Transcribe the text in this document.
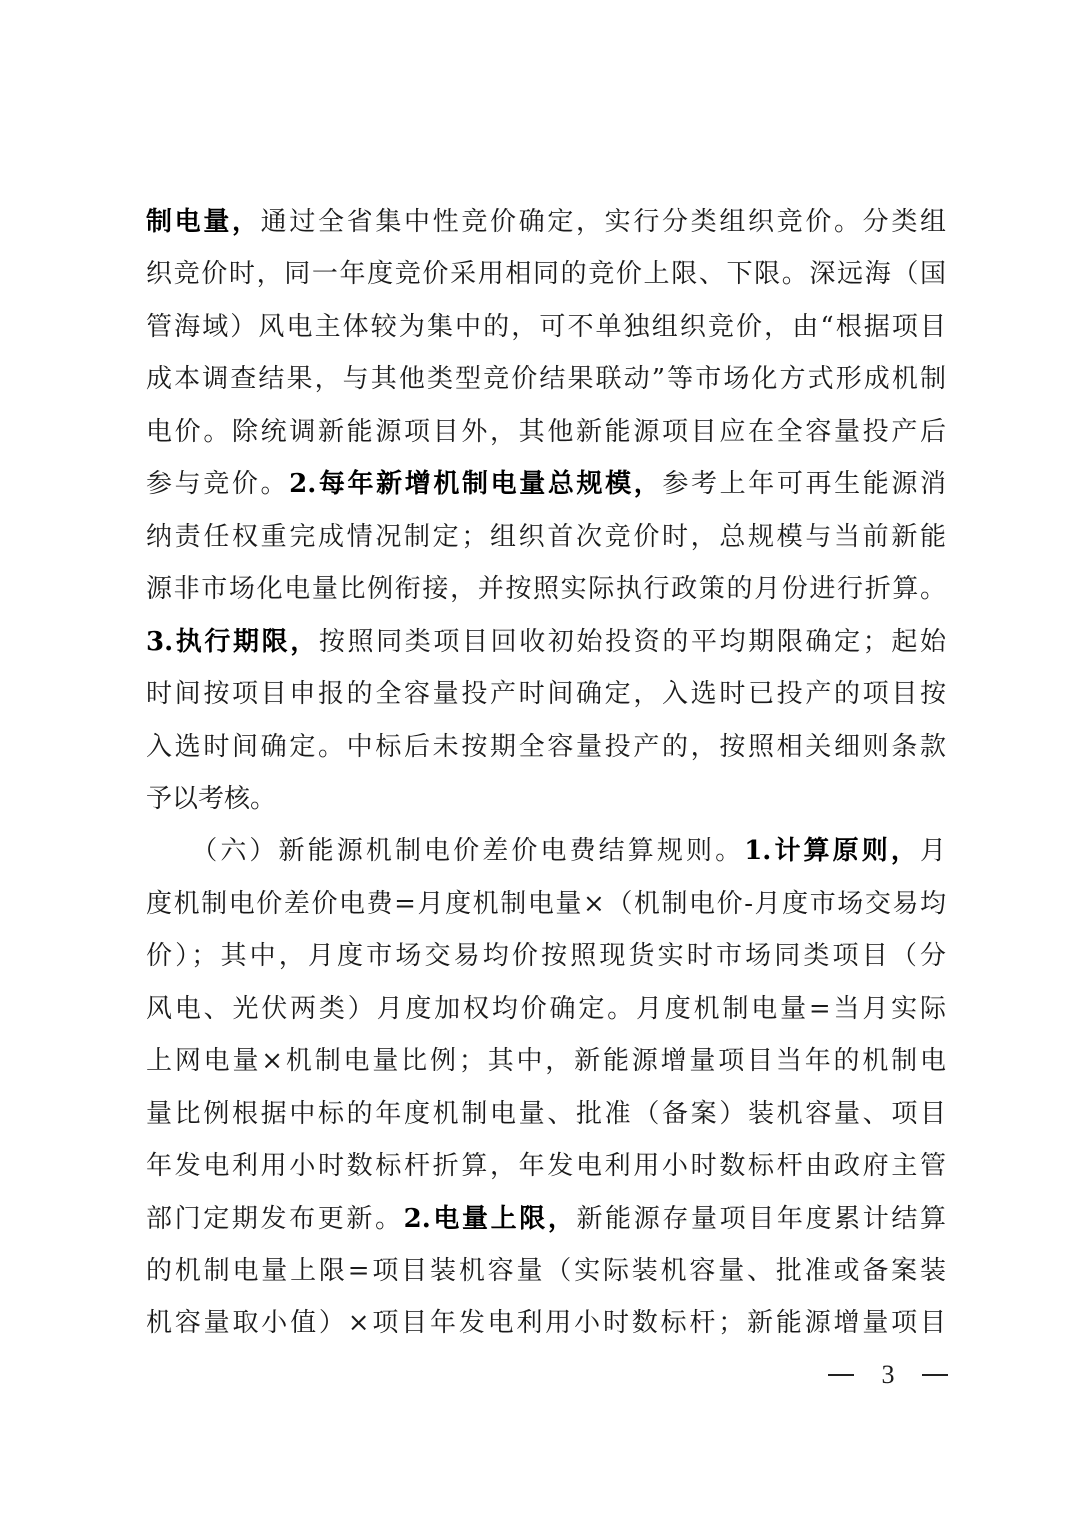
制电量，通过全省集中性竞价确定，实行分类组织竞价。分类组
织竞价时，同一年度竞价采用相同的竞价上限、下限。深远海（国
管海域）风电主体较为集中的，可不单独组织竞价，由“根据项目
成本调查结果，与其他类型竞价结果联动”等市场化方式形成机制
电价。除统调新能源项目外，其他新能源项目应在全容量投产后
参与竞价。2.每年新增机制电量总规模，参考上年可再生能源消
纳责任权重完成情况制定；组织首次竞价时，总规模与当前新能
源非市场化电量比例衔接，并按照实际执行政策的月份进行折算。
3.执行期限，按照同类项目回收初始投资的平均期限确定；起始
时间按项目申报的全容量投产时间确定，入选时已投产的项目按
入选时间确定。中标后未按期全容量投产的，按照相关细则条款
予以考核。
　　（六）新能源机制电价差价电费结算规则。1.计算原则，月
度机制电价差价电费=月度机制电量×（机制电价-月度市场交易均
价）；其中，月度市场交易均价按照现货实时市场同类项目（分
风电、光伏两类）月度加权均价确定。月度机制电量=当月实际
上网电量×机制电量比例；其中，新能源增量项目当年的机制电
量比例根据中标的年度机制电量、批准（备案）装机容量、项目
年发电利用小时数标杆折算，年发电利用小时数标杆由政府主管
部门定期发布更新。2.电量上限，新能源存量项目年度累计结算
的机制电量上限=项目装机容量（实际装机容量、批准或备案装
机容量取小值）×项目年发电利用小时数标杆；新能源增量项目
3
